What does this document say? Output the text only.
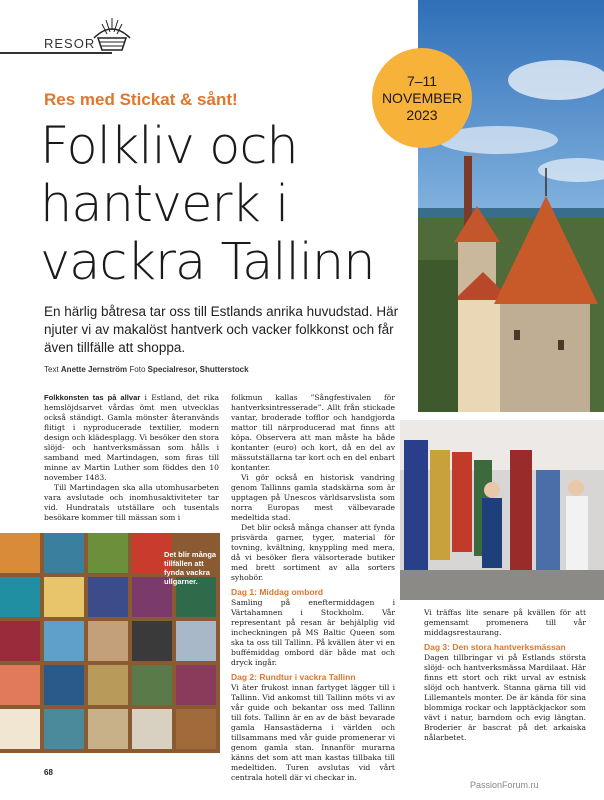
RESOR
Res med Stickat & sånt!
Folkliv och
hantverk i
vackra Tallinn
En härlig båtresa tar oss till Estlands anrika huvudstad. Här njuter vi av makalöst hantverk och vacker folkkonst och får även tillfälle att shoppa.
Text Anette Jernström Foto Specialresor, Shutterstock
7–11
NOVEMBER
2023
Det blir många tillfällen att fynda vackra ullgarner.

Folkkonsten tas på allvar i Estland, det rika hemslöjdsarvet vårdas ömt men utvecklas också ständigt. Gamla mönster återanvänds flitigt i nyproducerade textilier, modern design och klädesplagg. Vi besöker den stora slöjd- och hantverksmässan som hålls i samband med Martindagen, som firas till minne av Martin Luther som föddes den 10 november 1483.

Till Martindagen ska alla utomhusarbeten vara avslutade och inomhusaktiviteter tar vid. Hundratals utställare och tusentals besökare kommer till mässan som i

folkmun kallas ”Sångfestivalen för hantverksintresserade”. Allt från stickade vantar, broderade tofflor och handgjorda mattor till närproducerad mat finns att köpa. Observera att man måste ha både kontanter (euro) och kort, då en del av mässutställarna tar kort och en del enbart kontanter.

Vi gör också en historisk vandring genom Tallinns gamla stadskärna som är upptagen på Unescos världsarvslista som norra Europas mest välbevarade medeltida stad.

Det blir också många chanser att fynda prisvärda garner, tyger, material för tovning, kvältning, knyppling med mera, då vi besöker flera välsorterade butiker med brett sortiment av alla sorters syhobör.

Dag 1: Middag ombord

Samling på eneftermiddagen i Värtahamnen i Stockholm. Vår representant på resan är behjälplig vid incheckningen på MS Baltic Queen som ska ta oss till Tallinn. På kvällen äter vi en buffémiddag ombord där både mat och dryck ingår.

Dag 2: Rundtur i vackra Tallinn

Vi äter frukost innan fartyget lägger till i Tallinn. Vid ankomst till Tallinn möts vi av vår guide och bekantar oss med Tallinn till fots. Tallinn är en av de bäst bevarade gamla Hansastäderna i världen och tillsammans med vår guide promenerar vi genom gamla stan. Innanför murarna känns det som att man kastas tillbaka till medeltiden. Turen avslutas vid vårt centrala hotell där vi checkar in.

Vi träffas lite senare på kvällen för att gemensamt promenera till vår middagsrestaurang.

Dag 3: Den stora hantverksmässan

Dagen tillbringar vi på Estlands största slöjd- och hantverksmässa Mardilaat. Här finns ett stort och rikt urval av estnisk slöjd och hantverk. Stanna gärna till vid Lillemantels monter. De är kända för sina blommiga rockar och lapptäckjackor som vävt i natur, barndom och evig längtan. Broderier är bascrat på det arkaiska nålarbetet.

68
PassionForum.ru
